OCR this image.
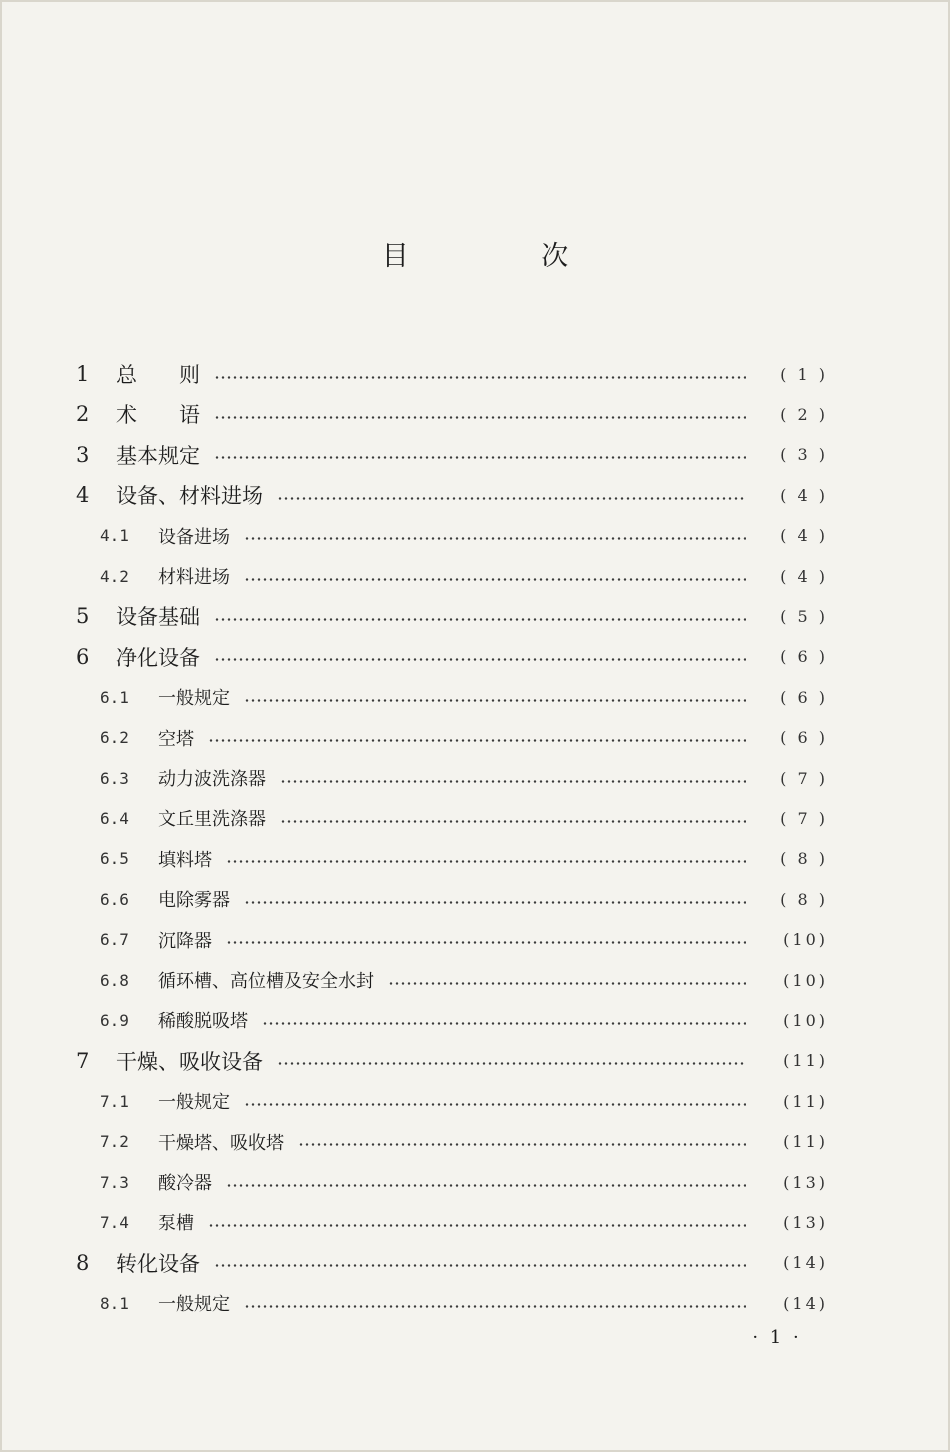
目 次
1	总　　则	( 1 )
2	术　　语	( 2 )
3	基本规定	( 3 )
4	设备、材料进场	( 4 )
4.1	设备进场	( 4 )
4.2	材料进场	( 4 )
5	设备基础	( 5 )
6	净化设备	( 6 )
6.1	一般规定	( 6 )
6.2	空塔	( 6 )
6.3	动力波洗涤器	( 7 )
6.4	文丘里洗涤器	( 7 )
6.5	填料塔	( 8 )
6.6	电除雾器	( 8 )
6.7	沉降器	(10)
6.8	循环槽、高位槽及安全水封	(10)
6.9	稀酸脱吸塔	(10)
7	干燥、吸收设备	(11)
7.1	一般规定	(11)
7.2	干燥塔、吸收塔	(11)
7.3	酸冷器	(13)
7.4	泵槽	(13)
8	转化设备	(14)
8.1	一般规定	(14)
· 1 ·
